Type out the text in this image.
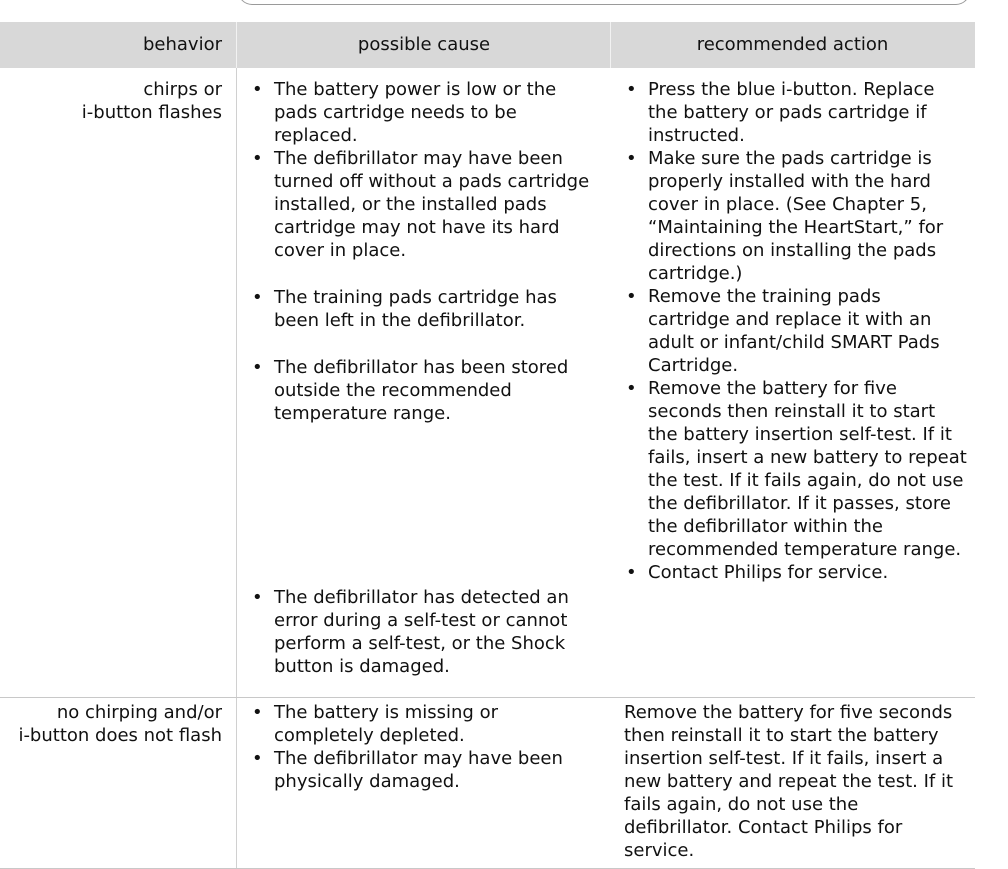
behavior	possible cause	recommended action

chirps or
i-button flashes

• The battery power is low or the pads cartridge needs to be replaced.
• The defibrillator may have been turned off without a pads cartridge installed, or the installed pads cartridge may not have its hard cover in place.
• The training pads cartridge has been left in the defibrillator.
• The defibrillator has been stored outside the recommended temperature range.
• The defibrillator has detected an error during a self-test or cannot perform a self-test, or the Shock button is damaged.
• Press the blue i-button. Replace the battery or pads cartridge if instructed.
• Make sure the pads cartridge is properly installed with the hard cover in place. (See Chapter 5, “Maintaining the HeartStart,” for directions on installing the pads cartridge.)
• Remove the training pads cartridge and replace it with an adult or infant/child SMART Pads Cartridge.
• Remove the battery for five seconds then reinstall it to start the battery insertion self-test. If it fails, insert a new battery to repeat the test. If it fails again, do not use the defibrillator. If it passes, store the defibrillator within the recommended temperature range.
• Contact Philips for service.

no chirping and/or
i-button does not flash

• The battery is missing or completely depleted.
• The defibrillator may have been physically damaged.

Remove the battery for five seconds then reinstall it to start the battery insertion self-test. If it fails, insert a new battery and repeat the test. If it fails again, do not use the defibrillator. Contact Philips for service.
